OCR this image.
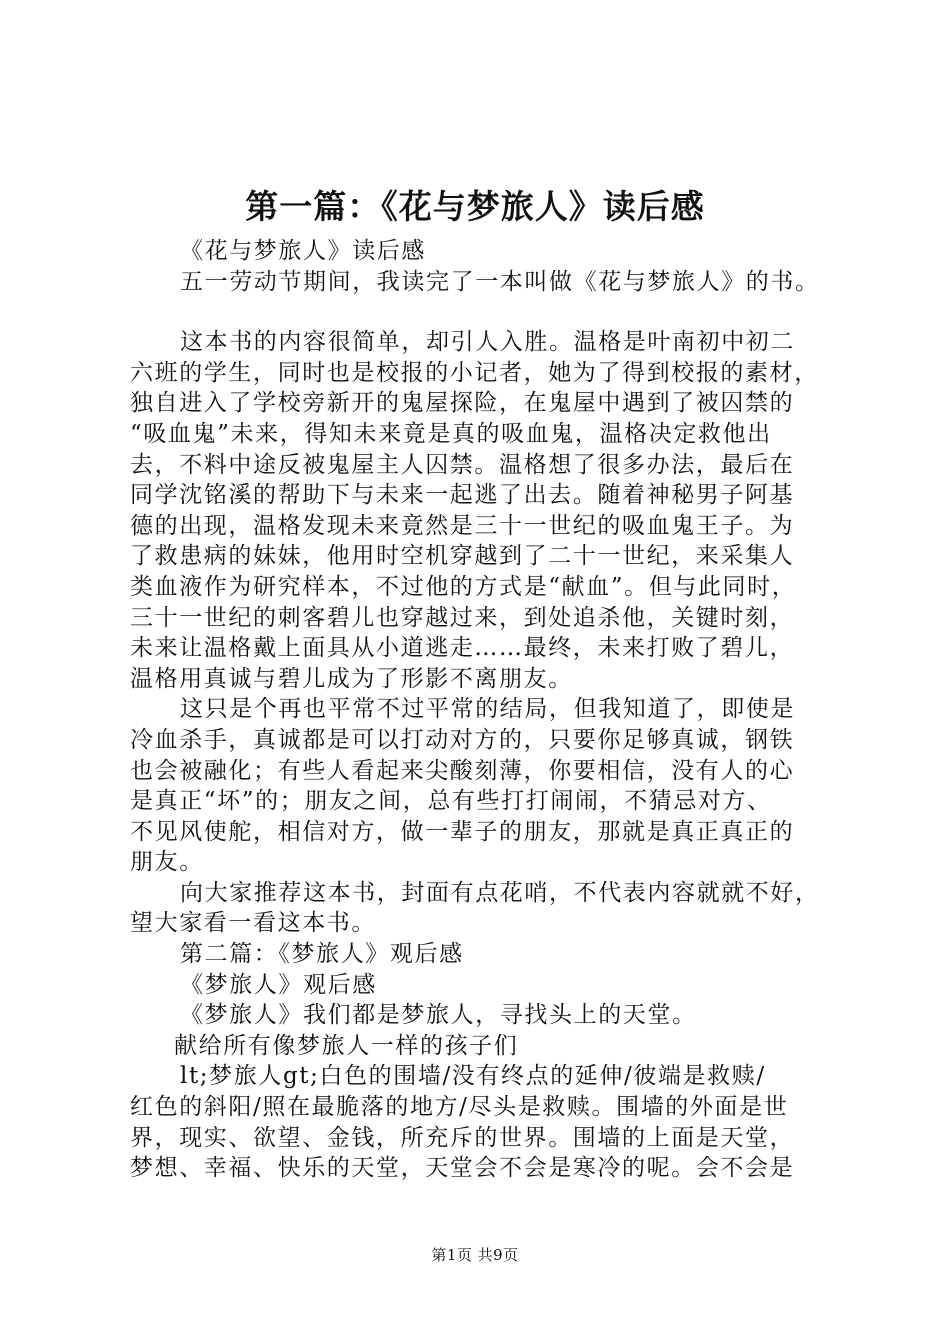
第一篇：《花与梦旅人》读后感
《花与梦旅人》读后感
五一劳动节期间，我读完了一本叫做《花与梦旅人》的书。
这本书的内容很简单，却引人入胜。温格是叶南初中初二
六班的学生，同时也是校报的小记者，她为了得到校报的素材，
独自进入了学校旁新开的鬼屋探险，在鬼屋中遇到了被囚禁的
“吸血鬼”未来，得知未来竟是真的吸血鬼，温格决定救他出
去，不料中途反被鬼屋主人囚禁。温格想了很多办法，最后在
同学沈铭溪的帮助下与未来一起逃了出去。随着神秘男子阿基
德的出现，温格发现未来竟然是三十一世纪的吸血鬼王子。为
了救患病的妹妹，他用时空机穿越到了二十一世纪，来采集人
类血液作为研究样本，不过他的方式是“献血”。但与此同时，
三十一世纪的刺客碧儿也穿越过来，到处追杀他，关键时刻，
未来让温格戴上面具从小道逃走……最终，未来打败了碧儿，
温格用真诚与碧儿成为了形影不离朋友。
这只是个再也平常不过平常的结局，但我知道了，即使是
冷血杀手，真诚都是可以打动对方的，只要你足够真诚，钢铁
也会被融化；有些人看起来尖酸刻薄，你要相信，没有人的心
是真正“坏”的；朋友之间，总有些打打闹闹，不猜忌对方、
不见风使舵，相信对方，做一辈子的朋友，那就是真正真正的
朋友。
向大家推荐这本书，封面有点花哨，不代表内容就就不好，
望大家看一看这本书。
第二篇：《梦旅人》观后感
《梦旅人》观后感
《梦旅人》我们都是梦旅人，寻找头上的天堂。
献给所有像梦旅人一样的孩子们
lt;梦旅人gt;白色的围墙/没有终点的延伸/彼端是救赎/
红色的斜阳/照在最脆落的地方/尽头是救赎。围墙的外面是世
界，现实、欲望、金钱，所充斥的世界。围墙的上面是天堂，
梦想、幸福、快乐的天堂，天堂会不会是寒冷的呢。会不会是
第1页 共9页
